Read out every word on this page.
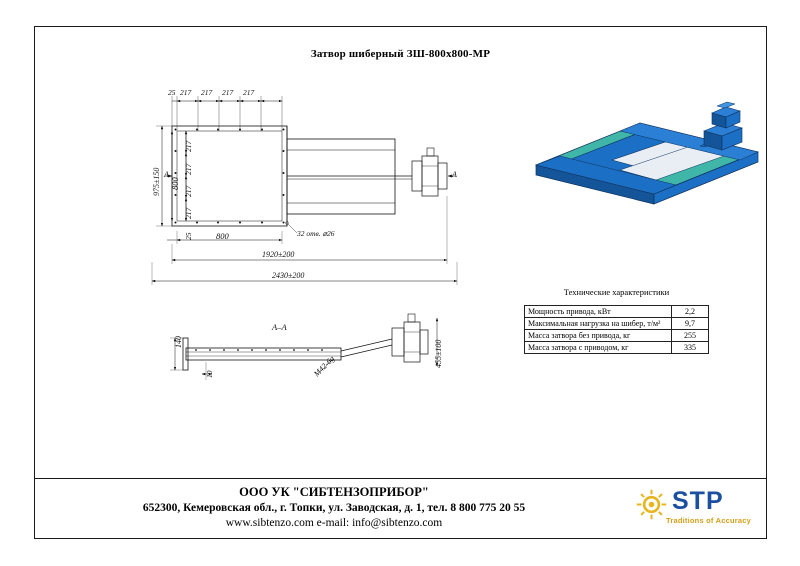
Затвор шиберный ЗШ-800х800-МР
25 217 217 217 217
217
217
217
217
975±150 800
25	800	32 отв. ⌀26
1920±200
2430±200
А	А
А–А
140
10	М42-6g	455±100
Технические характеристики
Мощность привода, кВт	2,2
Максимальная нагрузка на шибер, т/м²	9,7
Масса затвора без привода, кг	255
Масса затвора с приводом, кг	335
ООО УК "СИБТЕНЗОПРИБОР"
652300, Кемеровская обл., г. Топки, ул. Заводская, д. 1, тел. 8 800 775 20 55
www.sibtenzo.com e-mail: info@sibtenzo.com
STP
Traditions of Accuracy
